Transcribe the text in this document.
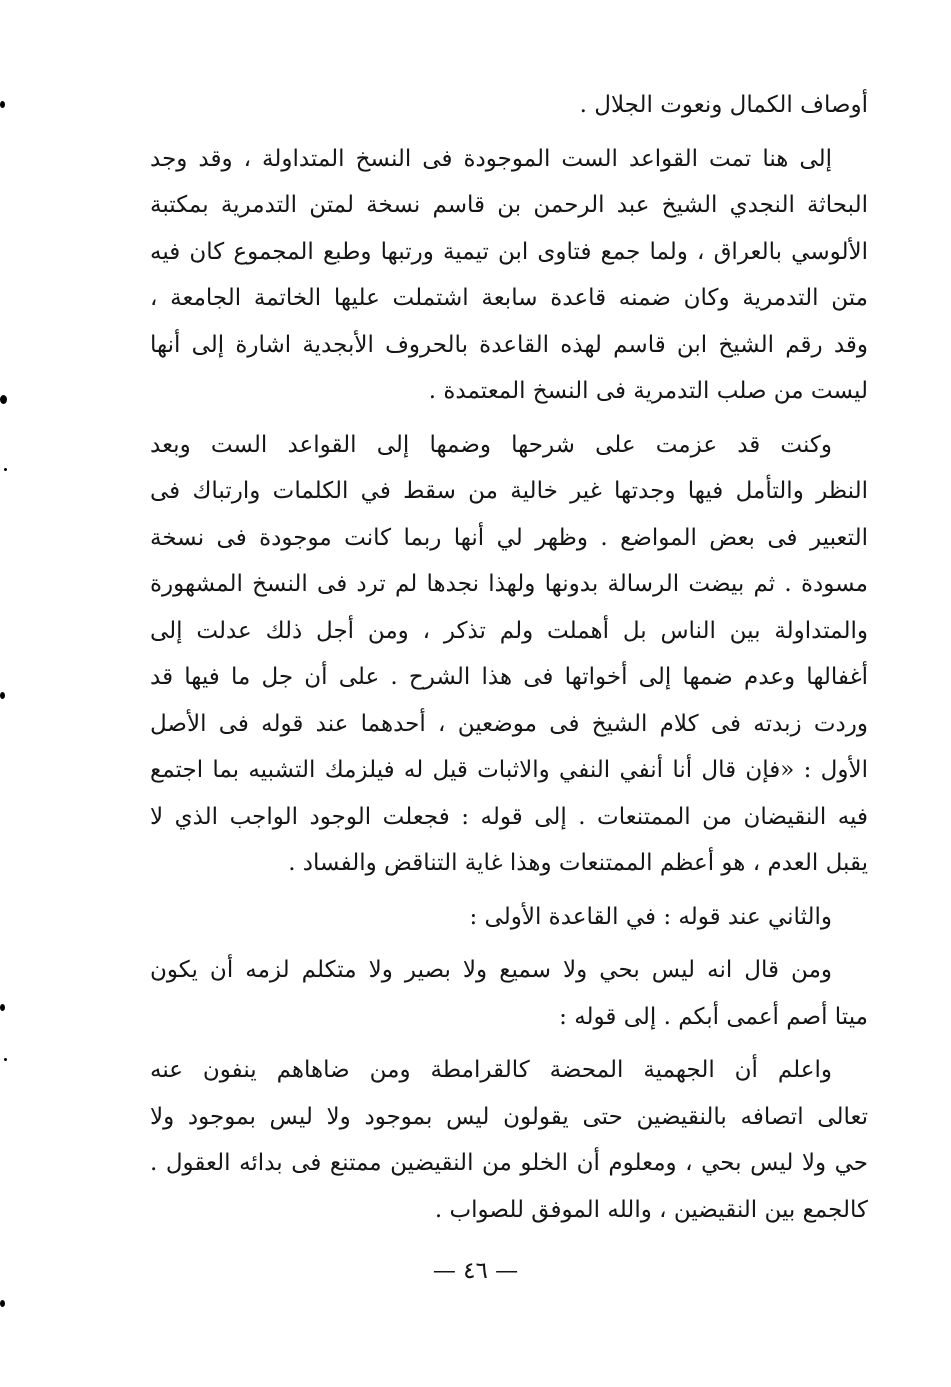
أوصاف الكمال ونعوت الجلال .
إلى هنا تمت القواعد الست الموجودة فى النسخ المتداولة ، وقد وجد
البحاثة النجدي الشيخ عبد الرحمن بن قاسم نسخة لمتن التدمرية بمكتبة
الألوسي بالعراق ، ولما جمع فتاوى ابن تيمية ورتبها وطبع المجموع كان فيه
متن التدمرية وكان ضمنه قاعدة سابعة اشتملت عليها الخاتمة الجامعة ،
وقد رقم الشيخ ابن قاسم لهذه القاعدة بالحروف الأبجدية اشارة إلى أنها
ليست من صلب التدمرية فى النسخ المعتمدة .
وكنت قد عزمت على شرحها وضمها إلى القواعد الست وبعد
النظر والتأمل فيها وجدتها غير خالية من سقط في الكلمات وارتباك فى
التعبير فى بعض المواضع . وظهر لي أنها ربما كانت موجودة فى نسخة
مسودة . ثم بيضت الرسالة بدونها ولهذا نجدها لم ترد فى النسخ المشهورة
والمتداولة بين الناس بل أهملت ولم تذكر ، ومن أجل ذلك عدلت إلى
أغفالها وعدم ضمها إلى أخواتها فى هذا الشرح . على أن جل ما فيها قد
وردت زبدته فى كلام الشيخ فى موضعين ، أحدهما عند قوله فى الأصل
الأول : «فإن قال أنا أنفي النفي والاثبات قيل له فيلزمك التشبيه بما اجتمع
فيه النقيضان من الممتنعات . إلى قوله : فجعلت الوجود الواجب الذي لا
يقبل العدم ، هو أعظم الممتنعات وهذا غاية التناقض والفساد .
والثاني عند قوله : في القاعدة الأولى :
ومن قال انه ليس بحي ولا سميع ولا بصير ولا متكلم لزمه أن يكون
ميتا أصم أعمى أبكم . إلى قوله :
واعلم أن الجهمية المحضة كالقرامطة ومن ضاهاهم ينفون عنه
تعالى اتصافه بالنقيضين حتى يقولون ليس بموجود ولا ليس بموجود ولا
حي ولا ليس بحي ، ومعلوم أن الخلو من النقيضين ممتنع فى بدائه العقول .
كالجمع بين النقيضين ، والله الموفق للصواب .
— ٤٦ —
